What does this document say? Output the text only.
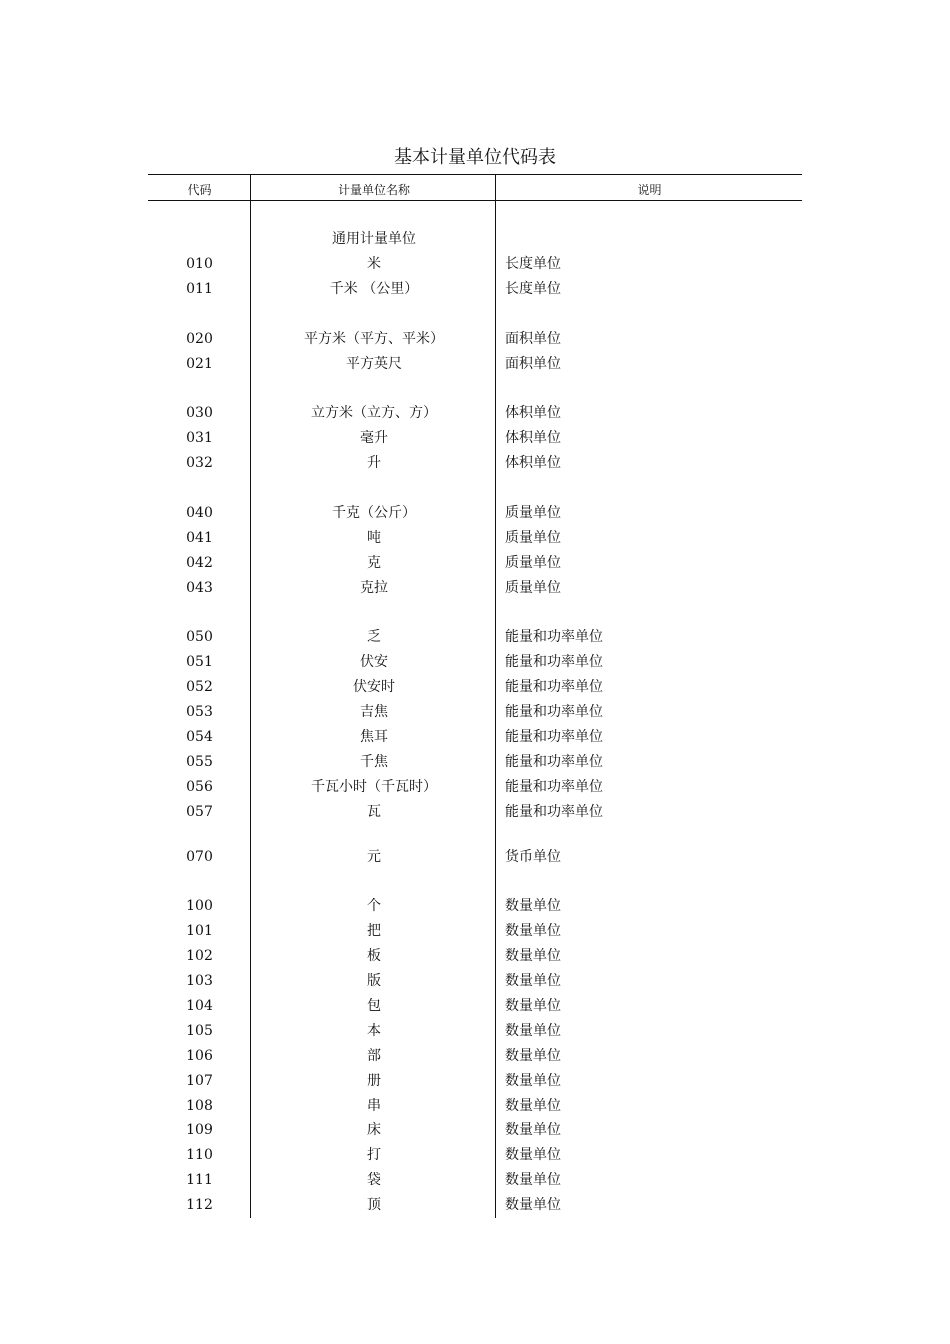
基本计量单位代码表
代码	计量单位名称	说明
通用计量单位
010	米	长度单位
011	千米 （公里）	长度单位
020	平方米（平方、平米）	面积单位
021	平方英尺	面积单位
030	立方米（立方、方）	体积单位
031	毫升	体积单位
032	升	体积单位
040	千克（公斤）	质量单位
041	吨	质量单位
042	克	质量单位
043	克拉	质量单位
050	乏	能量和功率单位
051	伏安	能量和功率单位
052	伏安时	能量和功率单位
053	吉焦	能量和功率单位
054	焦耳	能量和功率单位
055	千焦	能量和功率单位
056	千瓦小时（千瓦时）	能量和功率单位
057	瓦	能量和功率单位
070	元	货币单位
100	个	数量单位
101	把	数量单位
102	板	数量单位
103	版	数量单位
104	包	数量单位
105	本	数量单位
106	部	数量单位
107	册	数量单位
108	串	数量单位
109	床	数量单位
110	打	数量单位
111	袋	数量单位
112	顶	数量单位
